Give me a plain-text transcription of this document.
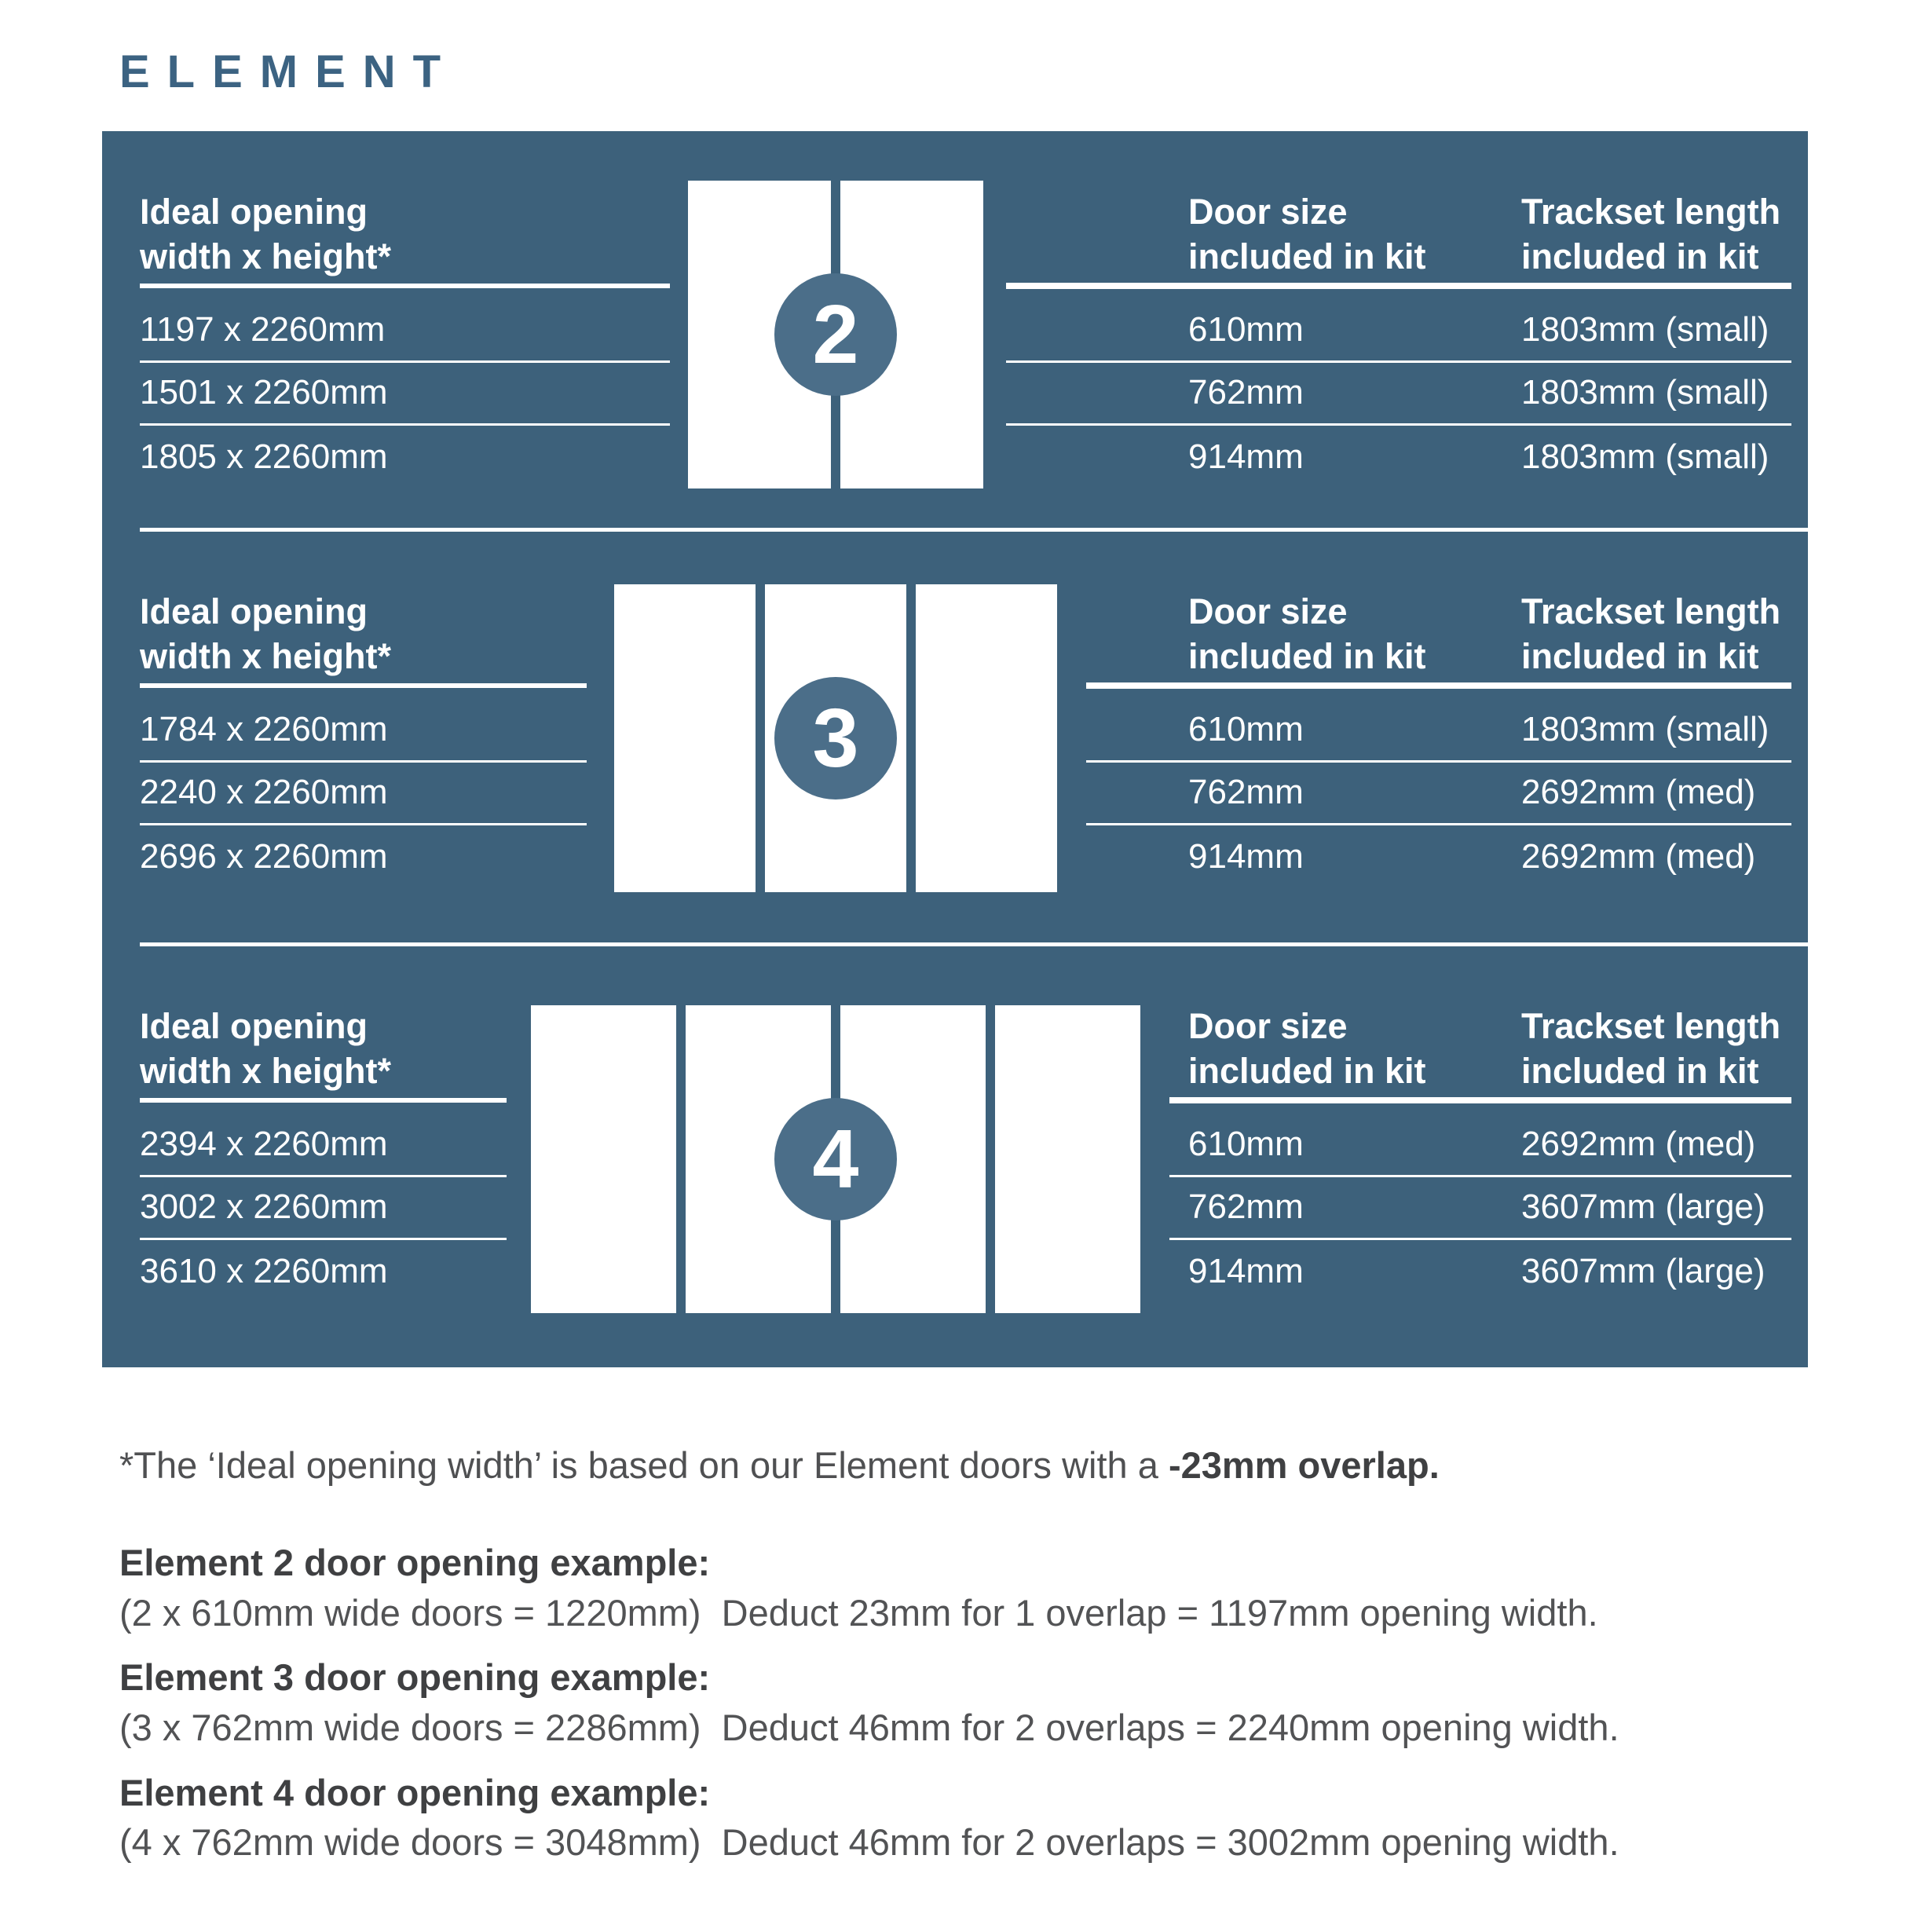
ELEMENT
Ideal opening
width x height*
Door size
included in kit
Trackset length
included in kit
1197 x 2260mm
1501 x 2260mm
1805 x 2260mm
610mm
762mm
914mm
1803mm (small)
1803mm (small)
1803mm (small)
2
Ideal opening
width x height*
Door size
included in kit
Trackset length
included in kit
1784 x 2260mm
2240 x 2260mm
2696 x 2260mm
610mm
762mm
914mm
1803mm (small)
2692mm (med)
2692mm (med)
3
Ideal opening
width x height*
Door size
included in kit
Trackset length
included in kit
2394 x 2260mm
3002 x 2260mm
3610 x 2260mm
610mm
762mm
914mm
2692mm (med)
3607mm (large)
3607mm (large)
4
*The ‘Ideal opening width’ is based on our Element doors with a -23mm overlap.
Element 2 door opening example:
(2 x 610mm wide doors = 1220mm)  Deduct 23mm for 1 overlap = 1197mm opening width.
Element 3 door opening example:
(3 x 762mm wide doors = 2286mm)  Deduct 46mm for 2 overlaps = 2240mm opening width.
Element 4 door opening example:
(4 x 762mm wide doors = 3048mm)  Deduct 46mm for 2 overlaps = 3002mm opening width.
